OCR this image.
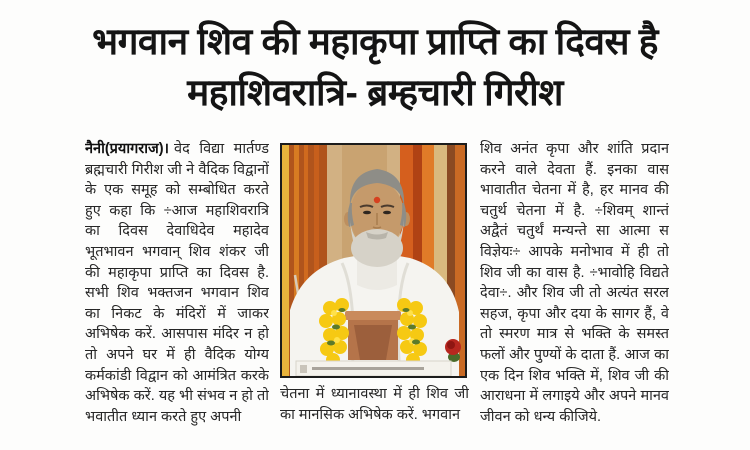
भगवान शिव की महाकृपा प्राप्ति का दिवस है
महाशिवरात्रि- ब्रम्हचारी गिरीश

नैनी(प्रयागराज)। वेद विद्या मार्तण्ड ब्रह्मचारी गिरीश जी ने वैदिक विद्वानों के एक समूह को सम्बोधित करते हुए कहा कि ÷आज महाशिवरात्रि का दिवस देवाधिदेव महादेव भूतभावन भगवान् शिव शंकर जी की महाकृपा प्राप्ति का दिवस है. सभी शिव भक्तजन भगवान शिव का निकट के मंदिरों में जाकर अभिषेक करें. आसपास मंदिर न हो तो अपने घर में ही वैदिक योग्य कर्मकांडी विद्वान को आमंत्रित करके अभिषेक करें. यह भी संभव न हो तो भवातीत ध्यान करते हुए अपनी

चेतना में ध्यानावस्था में ही शिव जी का मानसिक अभिषेक करें. भगवान

शिव अनंत कृपा और शांति प्रदान करने वाले देवता हैं. इनका वास भावातीत चेतना में है, हर मानव की चतुर्थ चेतना में है. ÷शिवम् शान्तं अद्वैतं चतुर्थं मन्यन्ते सा आत्मा स विज्ञेयः÷ आपके मनोभाव में ही तो शिव जी का वास है. ÷भावोहि विद्यते देवा÷. और शिव जी तो अत्यंत सरल सहज, कृपा और दया के सागर हैं, वे तो स्मरण मात्र से भक्ति के समस्त फलों और पुण्यों के दाता हैं. आज का एक दिन शिव भक्ति में, शिव जी की आराधना में लगाइये और अपने मानव जीवन को धन्य कीजिये.
